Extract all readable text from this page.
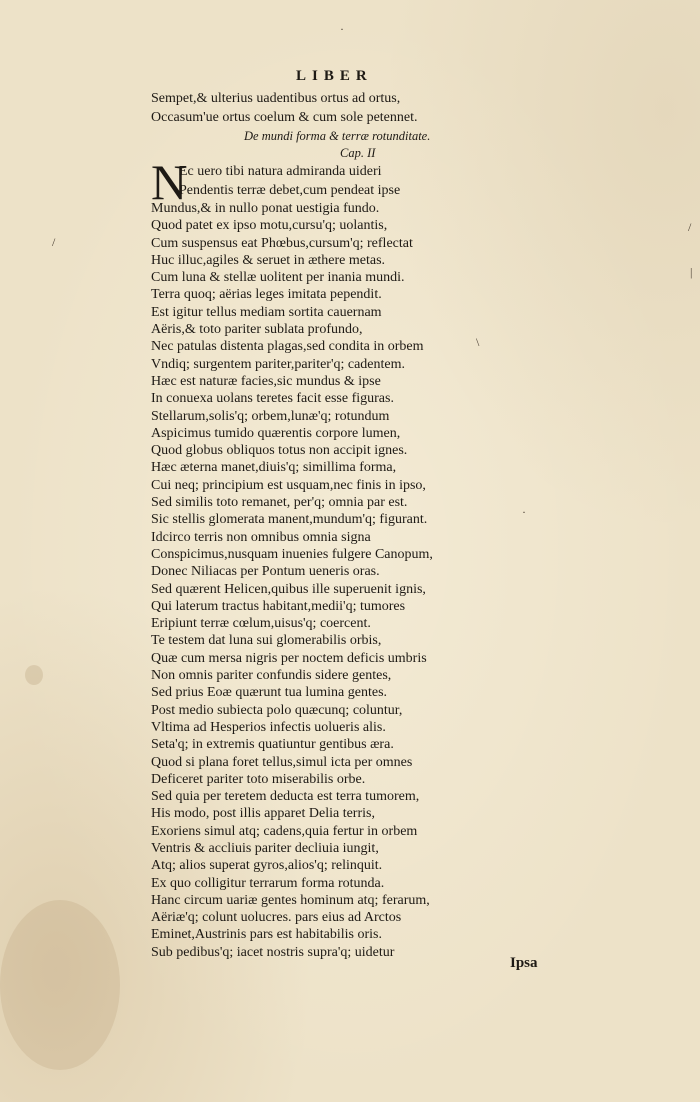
·
/
/
|
\
·
LIBER
Sempet,& ulterius uadentibus ortus ad ortus,
Occasum'ue ortus coelum & cum sole petennet.
De mundi forma & terræ rotunditate.
Cap. II
N
Ec uero tibi natura admiranda uideri
Pendentis terræ debet,cum pendeat ipse
Mundus,& in nullo ponat uestigia fundo.
Quod patet ex ipso motu,cursu'q; uolantis,
Cum suspensus eat Phœbus,cursum'q; reflectat
Huc illuc,agiles & seruet in æthere metas.
Cum luna & stellæ uolitent per inania mundi.
Terra quoq; aërias leges imitata pependit.
Est igitur tellus mediam sortita cauernam
Aëris,& toto pariter sublata profundo,
Nec patulas distenta plagas,sed condita in orbem
Vndiq; surgentem pariter,pariter'q; cadentem.
Hæc est naturæ facies,sic mundus & ipse
In conuexa uolans teretes facit esse figuras.
Stellarum,solis'q; orbem,lunæ'q; rotundum
Aspicimus tumido quærentis corpore lumen,
Quod globus obliquos totus non accipit ignes.
Hæc æterna manet,diuis'q; simillima forma,
Cui neq; principium est usquam,nec finis in ipso,
Sed similis toto remanet, per'q; omnia par est.
Sic stellis glomerata manent,mundum'q; figurant.
Idcirco terris non omnibus omnia signa
Conspicimus,nusquam inuenies fulgere Canopum,
Donec Niliacas per Pontum ueneris oras.
Sed quærent Helicen,quibus ille superuenit ignis,
Qui laterum tractus habitant,medii'q; tumores
Eripiunt terræ cœlum,uisus'q; coercent.
Te testem dat luna sui glomerabilis orbis,
Quæ cum mersa nigris per noctem deficis umbris
Non omnis pariter confundis sidere gentes,
Sed prius Eoæ quærunt tua lumina gentes.
Post medio subiecta polo quæcunq; coluntur,
Vltima ad Hesperios infectis uolueris alis.
Seta'q; in extremis quatiuntur gentibus æra.
Quod si plana foret tellus,simul icta per omnes
Deficeret pariter toto miserabilis orbe.
Sed quia per teretem deducta est terra tumorem,
His modo, post illis apparet Delia terris,
Exoriens simul atq; cadens,quia fertur in orbem
Ventris & accliuis pariter decliuia iungit,
Atq; alios superat gyros,alios'q; relinquit.
Ex quo colligitur terrarum forma rotunda.
Hanc circum uariæ gentes hominum atq; ferarum,
Aëriæ'q; colunt uolucres. pars eius ad Arctos
Eminet,Austrinis pars est habitabilis oris.
Sub pedibus'q; iacet nostris supra'q; uidetur
Ipsa
